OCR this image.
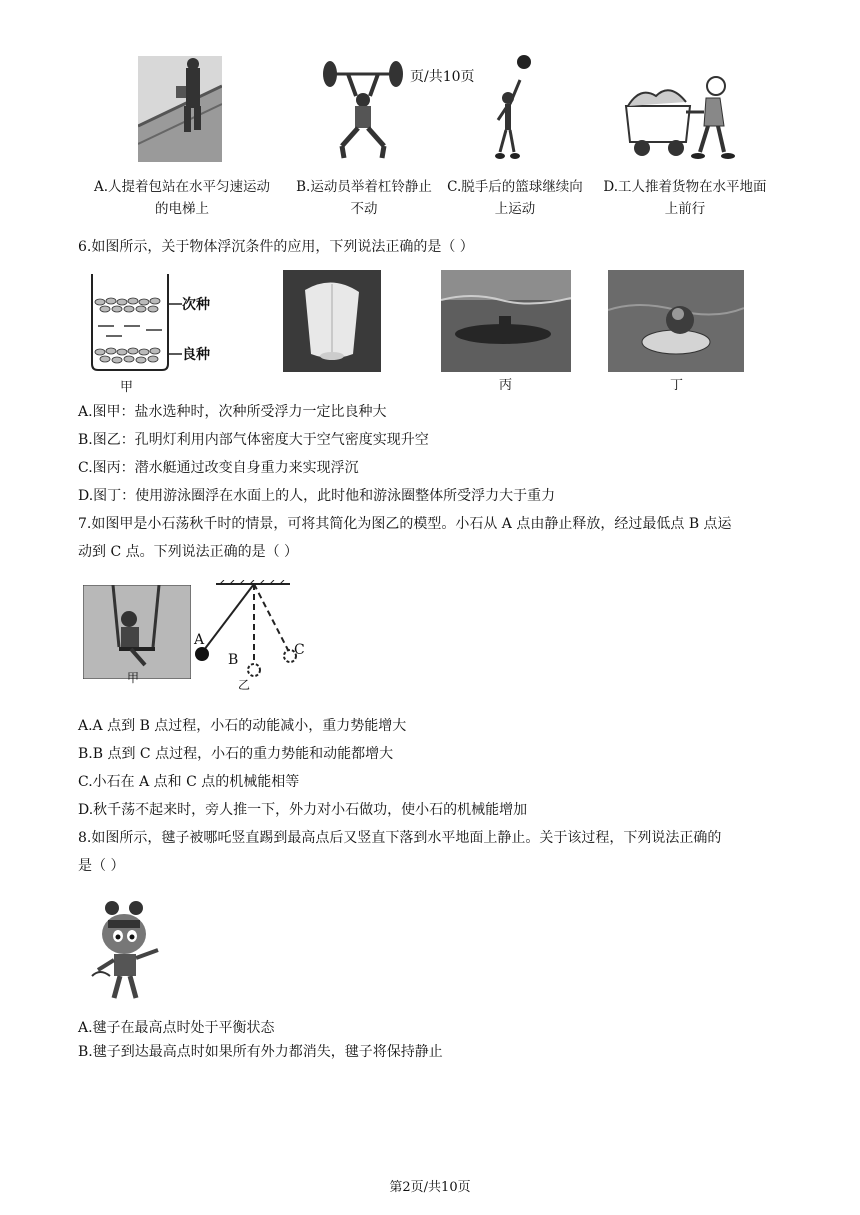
页/共10页
A.人提着包站在水平匀速运动
的电梯上
B.运动员举着杠铃静止
不动
C.脱手后的篮球继续向
上运动
D.工人推着货物在水平地面
上前行
6.如图所示，关于物体浮沉条件的应用，下列说法正确的是（ ）
次种
良种
甲	丙	丁
A.图甲：盐水选种时，次种所受浮力一定比良种大
B.图乙：孔明灯利用内部气体密度大于空气密度实现升空
C.图丙：潜水艇通过改变自身重力来实现浮沉
D.图丁：使用游泳圈浮在水面上的人，此时他和游泳圈整体所受浮力大于重力
7.如图甲是小石荡秋千时的情景，可将其简化为图乙的模型。小石从 A 点由静止释放，经过最低点 B 点运
动到 C 点。下列说法正确的是（ ）
甲
A
B
C
乙
A.A 点到 B 点过程，小石的动能减小，重力势能增大
B.B 点到 C 点过程，小石的重力势能和动能都增大
C.小石在 A 点和 C 点的机械能相等
D.秋千荡不起来时，旁人推一下，外力对小石做功，使小石的机械能增加
8.如图所示，毽子被哪吒竖直踢到最高点后又竖直下落到水平地面上静止。关于该过程，下列说法正确的
是（ ）
A.毽子在最高点时处于平衡状态
B.毽子到达最高点时如果所有外力都消失，毽子将保持静止
第2页/共10页
